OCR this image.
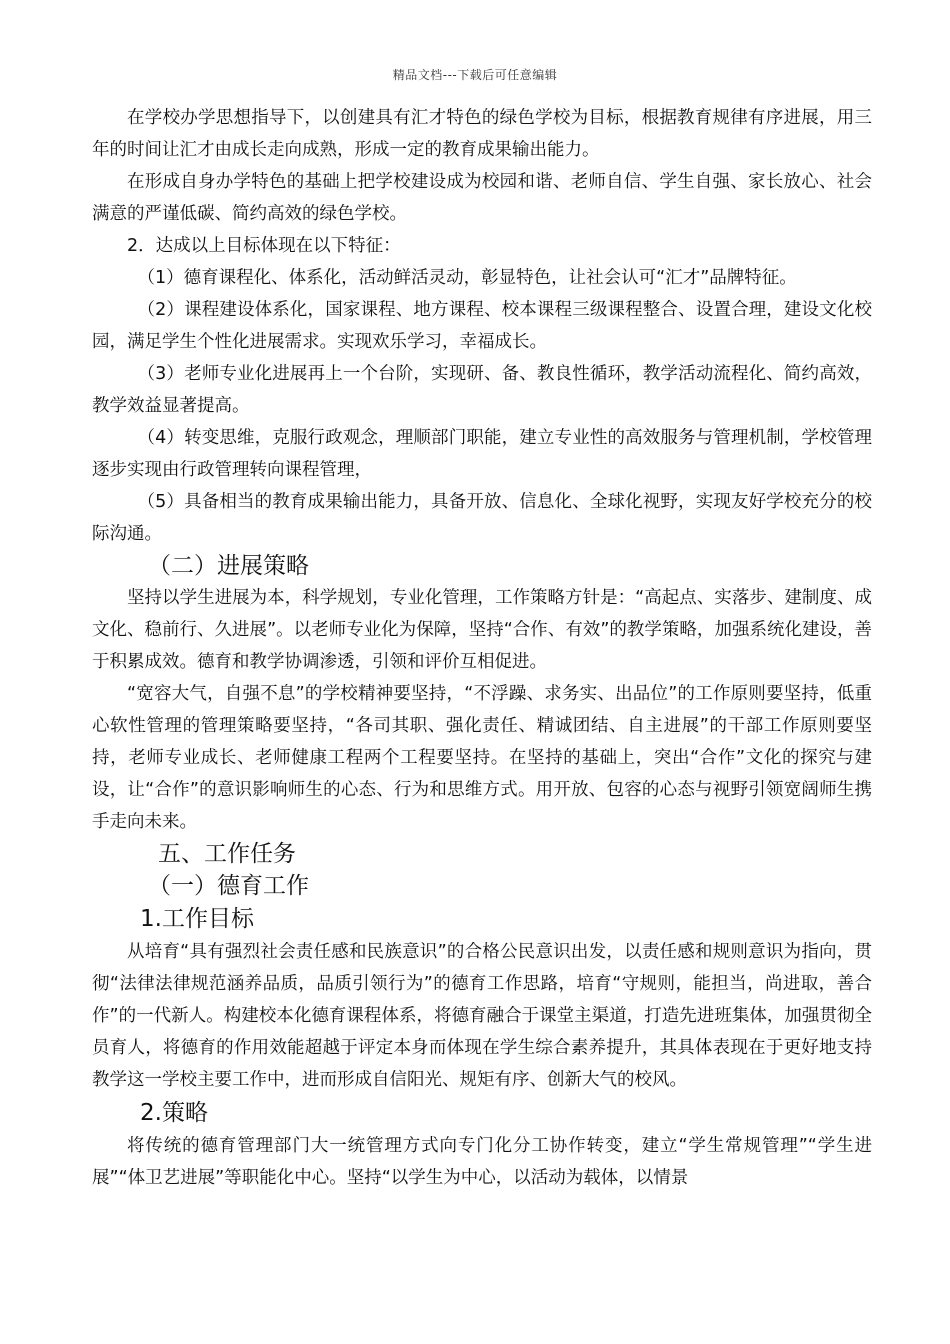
精品文档---下载后可任意编辑

在学校办学思想指导下，以创建具有汇才特色的绿色学校为目标，根据教育规律有序进展，用三年的时间让汇才由成长走向成熟，形成一定的教育成果输出能力。

在形成自身办学特色的基础上把学校建设成为校园和谐、老师自信、学生自强、家长放心、社会满意的严谨低碳、简约高效的绿色学校。

2．达成以上目标体现在以下特征：

（1）德育课程化、体系化，活动鲜活灵动，彰显特色，让社会认可“汇才”品牌特征。

（2）课程建设体系化，国家课程、地方课程、校本课程三级课程整合、设置合理，建设文化校园，满足学生个性化进展需求。实现欢乐学习，幸福成长。

（3）老师专业化进展再上一个台阶，实现研、备、教良性循环，教学活动流程化、简约高效，教学效益显著提高。

（4）转变思维，克服行政观念，理顺部门职能，建立专业性的高效服务与管理机制，学校管理逐步实现由行政管理转向课程管理，

（5）具备相当的教育成果输出能力，具备开放、信息化、全球化视野，实现友好学校充分的校际沟通。

（二）进展策略

坚持以学生进展为本，科学规划，专业化管理，工作策略方针是：“高起点、实落步、建制度、成文化、稳前行、久进展”。以老师专业化为保障，坚持“合作、有效”的教学策略，加强系统化建设，善于积累成效。德育和教学协调渗透，引领和评价互相促进。

“宽容大气，自强不息”的学校精神要坚持，“不浮躁、求务实、出品位”的工作原则要坚持，低重心软性管理的管理策略要坚持，“各司其职、强化责任、精诚团结、自主进展”的干部工作原则要坚持，老师专业成长、老师健康工程两个工程要坚持。在坚持的基础上，突出“合作”文化的探究与建设，让“合作”的意识影响师生的心态、行为和思维方式。用开放、包容的心态与视野引领宽阔师生携手走向未来。

五、工作任务
（一）德育工作
1.工作目标

从培育“具有强烈社会责任感和民族意识”的合格公民意识出发，以责任感和规则意识为指向，贯彻“法律法律规范涵养品质，品质引领行为”的德育工作思路，培育“守规则，能担当，尚进取，善合作”的一代新人。构建校本化德育课程体系，将德育融合于课堂主渠道，打造先进班集体，加强贯彻全员育人，将德育的作用效能超越于评定本身而体现在学生综合素养提升，其具体表现在于更好地支持教学这一学校主要工作中，进而形成自信阳光、规矩有序、创新大气的校风。

2.策略

将传统的德育管理部门大一统管理方式向专门化分工协作转变，建立“学生常规管理”“学生进展”“体卫艺进展”等职能化中心。坚持“以学生为中心，以活动为载体，以情景
